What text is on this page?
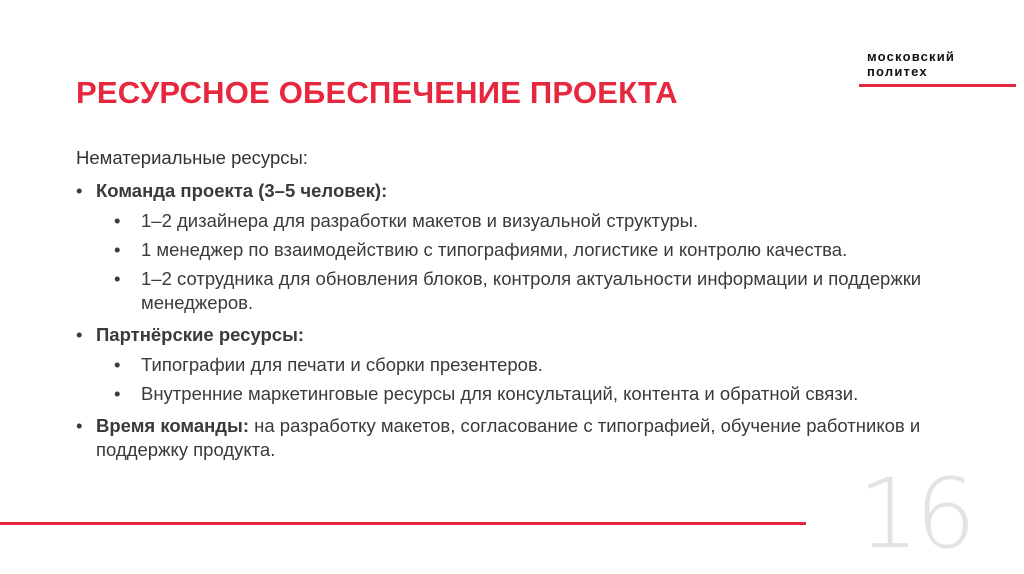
московский
политех
РЕСУРСНОЕ ОБЕСПЕЧЕНИЕ ПРОЕКТА
Нематериальные ресурсы:
• Команда проекта (3–5 человек):
• 1–2 дизайнера для разработки макетов и визуальной структуры.
• 1 менеджер по взаимодействию с типографиями, логистике и контролю качества.
• 1–2 сотрудника для обновления блоков, контроля актуальности информации и поддержки менеджеров.
• Партнёрские ресурсы:
• Типографии для печати и сборки презентеров.
• Внутренние маркетинговые ресурсы для консультаций, контента и обратной связи.
• Время команды: на разработку макетов, согласование с типографией, обучение работников и поддержку продукта.
16
